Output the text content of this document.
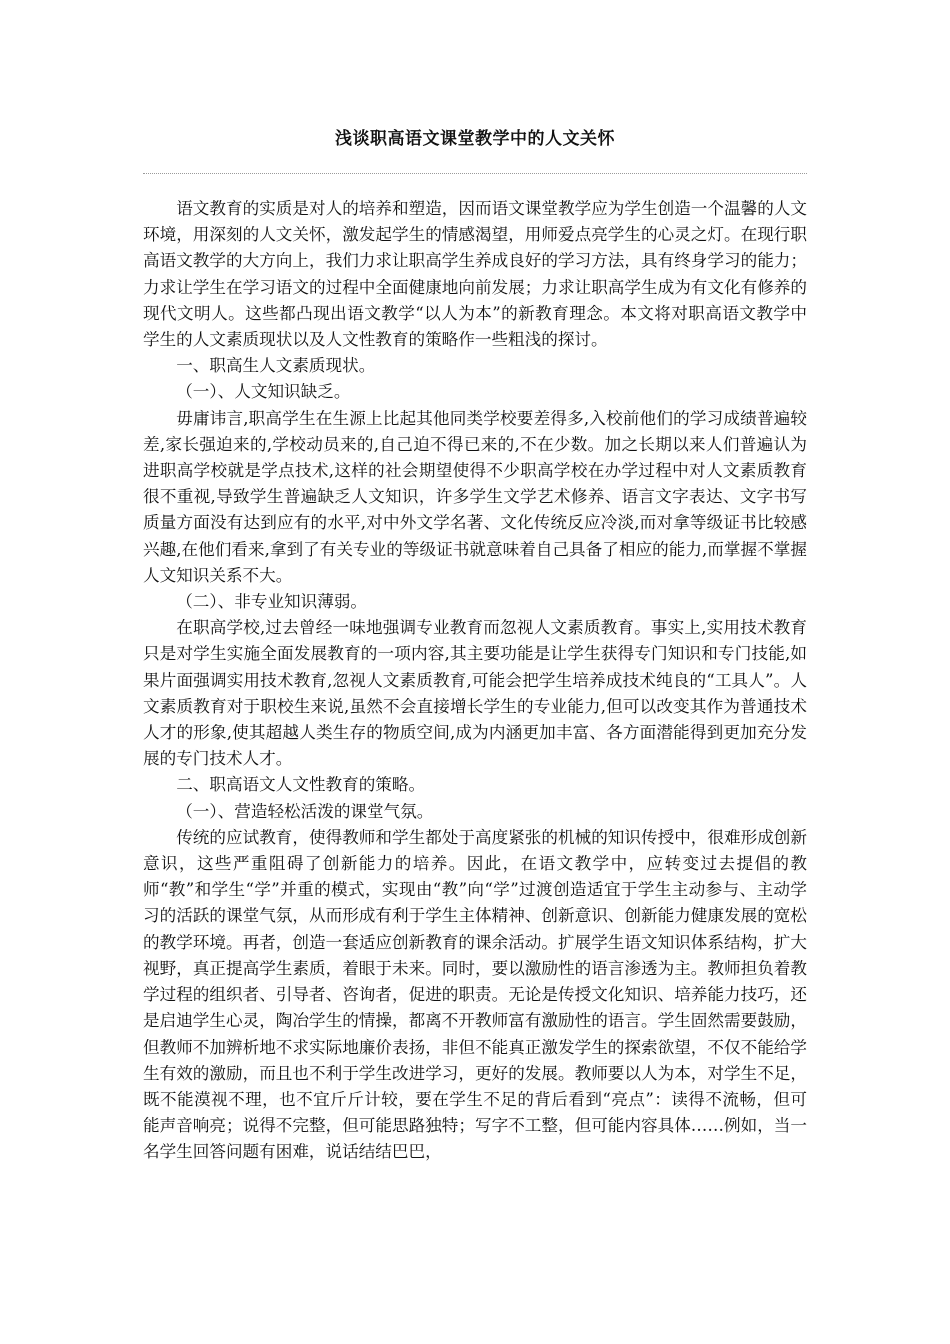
浅谈职高语文课堂教学中的人文关怀

语文教育的实质是对人的培养和塑造，因而语文课堂教学应为学生创造一个温馨的人文环境，用深刻的人文关怀，激发起学生的情感渴望，用师爱点亮学生的心灵之灯。在现行职高语文教学的大方向上，我们力求让职高学生养成良好的学习方法，具有终身学习的能力；力求让学生在学习语文的过程中全面健康地向前发展；力求让职高学生成为有文化有修养的现代文明人。这些都凸现出语文教学“以人为本”的新教育理念。本文将对职高语文教学中学生的人文素质现状以及人文性教育的策略作一些粗浅的探讨。

一、职高生人文素质现状。

（一）、人文知识缺乏。

毋庸讳言,职高学生在生源上比起其他同类学校要差得多,入校前他们的学习成绩普遍较差,家长强迫来的,学校动员来的,自己迫不得已来的,不在少数。加之长期以来人们普遍认为进职高学校就是学点技术,这样的社会期望使得不少职高学校在办学过程中对人文素质教育很不重视,导致学生普遍缺乏人文知识，许多学生文学艺术修养、语言文字表达、文字书写质量方面没有达到应有的水平,对中外文学名著、文化传统反应冷淡,而对拿等级证书比较感兴趣,在他们看来,拿到了有关专业的等级证书就意味着自己具备了相应的能力,而掌握不掌握人文知识关系不大。

（二）、非专业知识薄弱。

在职高学校,过去曾经一味地强调专业教育而忽视人文素质教育。事实上,实用技术教育只是对学生实施全面发展教育的一项内容,其主要功能是让学生获得专门知识和专门技能,如果片面强调实用技术教育,忽视人文素质教育,可能会把学生培养成技术纯良的“工具人”。人文素质教育对于职校生来说,虽然不会直接增长学生的专业能力,但可以改变其作为普通技术人才的形象,使其超越人类生存的物质空间,成为内涵更加丰富、各方面潜能得到更加充分发展的专门技术人才。

二、职高语文人文性教育的策略。

（一）、营造轻松活泼的课堂气氛。

传统的应试教育，使得教师和学生都处于高度紧张的机械的知识传授中，很难形成创新意识，这些严重阻碍了创新能力的培养。因此，在语文教学中，应转变过去提倡的教师“教”和学生“学”并重的模式，实现由“教”向“学”过渡创造适宜于学生主动参与、主动学习的活跃的课堂气氛，从而形成有利于学生主体精神、创新意识、创新能力健康发展的宽松的教学环境。再者，创造一套适应创新教育的课余活动。扩展学生语文知识体系结构，扩大视野，真正提高学生素质，着眼于未来。同时，要以激励性的语言渗透为主。教师担负着教学过程的组织者、引导者、咨询者，促进的职责。无论是传授文化知识、培养能力技巧，还是启迪学生心灵，陶冶学生的情操，都离不开教师富有激励性的语言。学生固然需要鼓励，但教师不加辨析地不求实际地廉价表扬，非但不能真正激发学生的探索欲望，不仅不能给学生有效的激励，而且也不利于学生改进学习，更好的发展。教师要以人为本，对学生不足，既不能漠视不理，也不宜斤斤计较，要在学生不足的背后看到“亮点”：读得不流畅，但可能声音响亮；说得不完整，但可能思路独特；写字不工整，但可能内容具体……例如，当一名学生回答问题有困难，说话结结巴巴，
